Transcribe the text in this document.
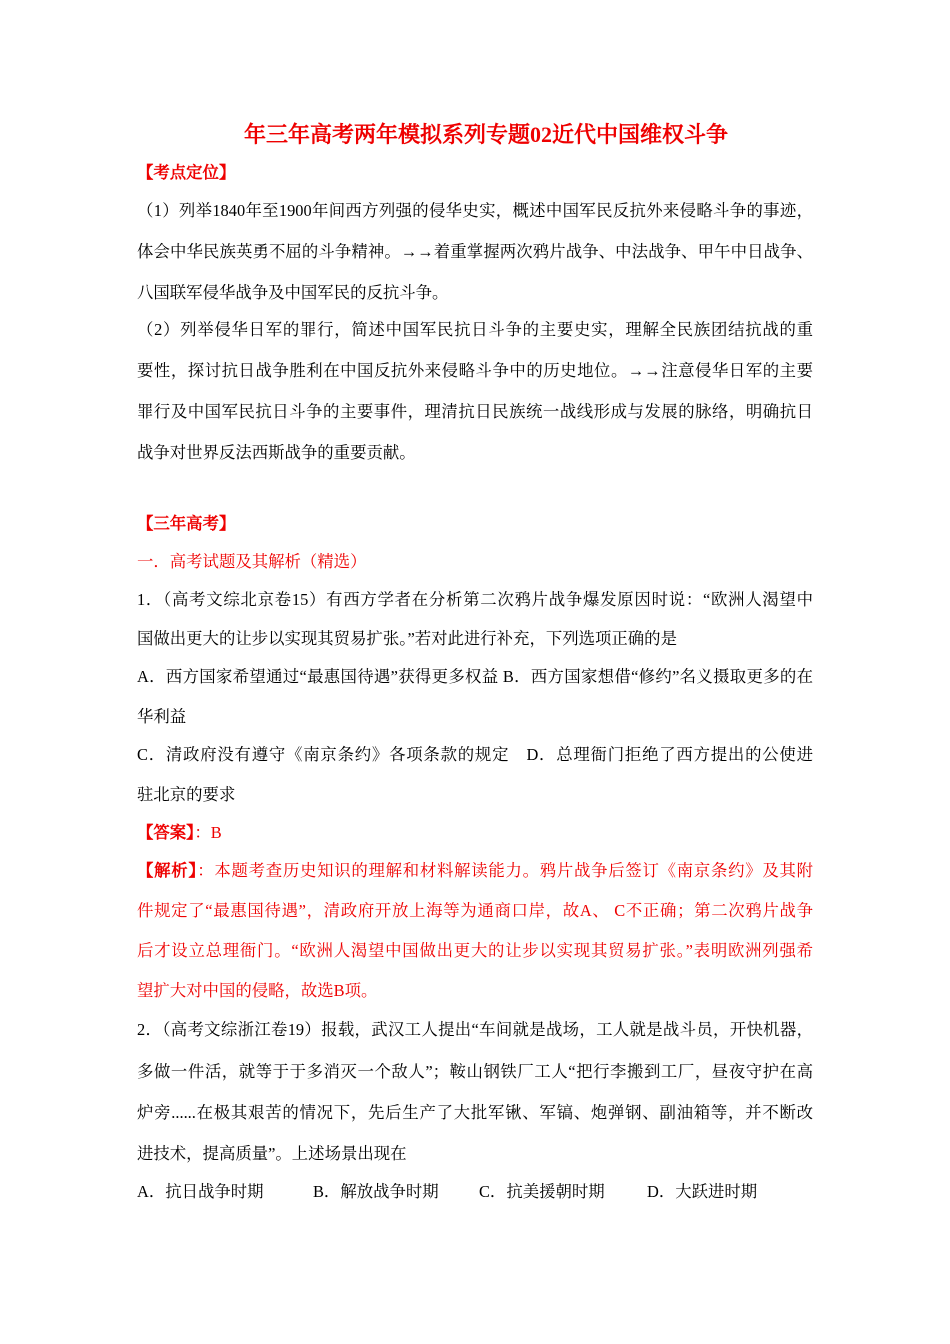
年三年高考两年模拟系列专题02近代中国维权斗争
【考点定位】
（1）列举1840年至1900年间西方列强的侵华史实，概述中国军民反抗外来侵略斗争的事迹，
体会中华民族英勇不屈的斗争精神。→→着重掌握两次鸦片战争、中法战争、甲午中日战争、
八国联军侵华战争及中国军民的反抗斗争。
（2）列举侵华日军的罪行，简述中国军民抗日斗争的主要史实，理解全民族团结抗战的重
要性，探讨抗日战争胜利在中国反抗外来侵略斗争中的历史地位。→→注意侵华日军的主要
罪行及中国军民抗日斗争的主要事件，理清抗日民族统一战线形成与发展的脉络，明确抗日
战争对世界反法西斯战争的重要贡献。
【三年高考】
一．高考试题及其解析（精选）
1．（高考文综北京卷15）有西方学者在分析第二次鸦片战争爆发原因时说：“欧洲人渴望中
国做出更大的让步以实现其贸易扩张。”若对此进行补充，下列选项正确的是
A．西方国家希望通过“最惠国待遇”获得更多权益 B．西方国家想借“修约”名义摄取更多的在
华利益
C．清政府没有遵守《南京条约》各项条款的规定　D．总理衙门拒绝了西方提出的公使进
驻北京的要求
【答案】：B
【解析】：本题考查历史知识的理解和材料解读能力。鸦片战争后签订《南京条约》及其附
件规定了“最惠国待遇”，清政府开放上海等为通商口岸，故A、 C不正确；第二次鸦片战争
后才设立总理衙门。“欧洲人渴望中国做出更大的让步以实现其贸易扩张。”表明欧洲列强希
望扩大对中国的侵略，故选B项。
2．（高考文综浙江卷19）报载，武汉工人提出“车间就是战场，工人就是战斗员，开快机器，
多做一件活，就等于于多消灭一个敌人”；鞍山钢铁厂工人“把行李搬到工厂，昼夜守护在高
炉旁......在极其艰苦的情况下，先后生产了大批军锹、军镐、炮弹钢、副油箱等，并不断改
进技术，提高质量”。上述场景出现在
A．抗日战争时期	B．解放战争时期 C．抗美援朝时期	D．大跃进时期
